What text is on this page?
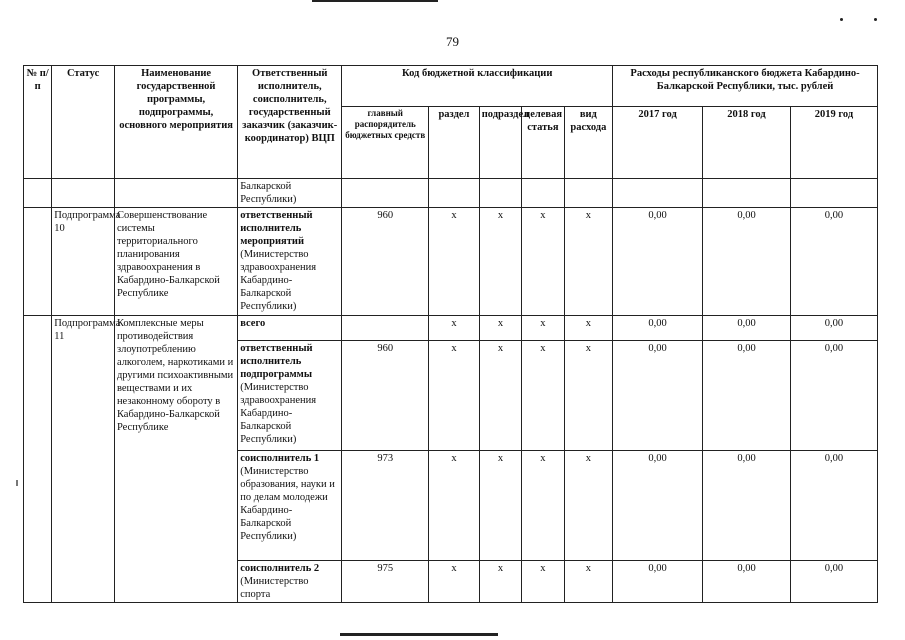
79
№ п/п	Статус	Наименование государственной программы, подпрограммы, основного мероприятия	Ответственный исполнитель, соисполнитель, государственный заказчик (заказчик-координатор) ВЦП	Код бюджетной классификации					Расходы республиканского бюджета Кабардино-Балкарской Республики, тыс. рублей		
				главный распорядитель бюджетных средств	раздел	подраздел	целевая статья	вид расхода	2017 год	2018 год	2019 год
			Балкарской Республики)								
	Подпрограмма 10	Совершенствование системы территориального планирования здравоохранения в Кабардино-Балкарской Республике	ответственный исполнитель мероприятий (Министерство здравоохранения Кабардино-Балкарской Республики)	960	х	х	х	х	0,00	0,00	0,00
	Подпрограмма 11	Комплексные меры противодействия злоупотреблению алкоголем, наркотиками и другими психоактивными веществами и их незаконному обороту в Кабардино-Балкарской Республике	всего		х	х	х	х	0,00	0,00	0,00
			ответственный исполнитель подпрограммы (Министерство здравоохранения Кабардино-Балкарской Республики)	960	х	х	х	х	0,00	0,00	0,00
			соисполнитель 1 (Министерство образования, науки и по делам молодежи Кабардино-Балкарской Республики)	973	х	х	х	х	0,00	0,00	0,00
			соисполнитель 2 (Министерство спорта	975	х	х	х	х	0,00	0,00	0,00
